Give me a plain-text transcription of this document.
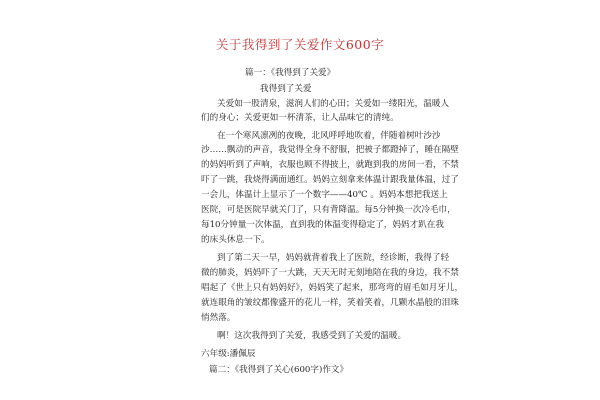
关于我得到了关爱作文600字
篇一：《我得到了关爱》
我得到了关爱
关爱如一股清泉，滋润人们的心田；关爱如一缕阳光，温暖人
们的身心；关爱更如一杯清茶，让人品味它的清纯。
在一个寒风凛冽的夜晚，北风呼呼地吹着，伴随着树叶沙沙
沙……飘动的声音，我觉得全身不舒服，把被子都蹬掉了，睡在隔壁
的妈妈听到了声响，衣服也顾不得披上，就跑到我的房间一看，不禁
吓了一跳，我烧得满面通红。妈妈立刻拿来体温计跟我量体温，过了
一会儿，体温计上显示了一个数字——40℃ 。妈妈本想把我送上
医院，可是医院早就关门了，只有背降温。每5分钟换一次冷毛巾，
每10分钟量一次体温，直到我的体温变得稳定了，妈妈才趴在我
的床头休息一下。
到了第二天一早，妈妈就背着我上了医院，经诊断，我得了轻
微的肺炎，妈妈吓了一大跳，天天无时无刻地陪在我的身边，我不禁
唱起了《世上只有妈妈好》，妈妈笑了起来，那弯弯的眉毛如月牙儿，
就连眼角的皱纹都像盛开的花儿一样，笑着笑着，几颗水晶般的泪珠
悄然落。
啊！这次我得到了关爱，我感受到了关爱的温暖。
六年级:潘佩辰
篇二：《我得到了关心(600字)作文》
